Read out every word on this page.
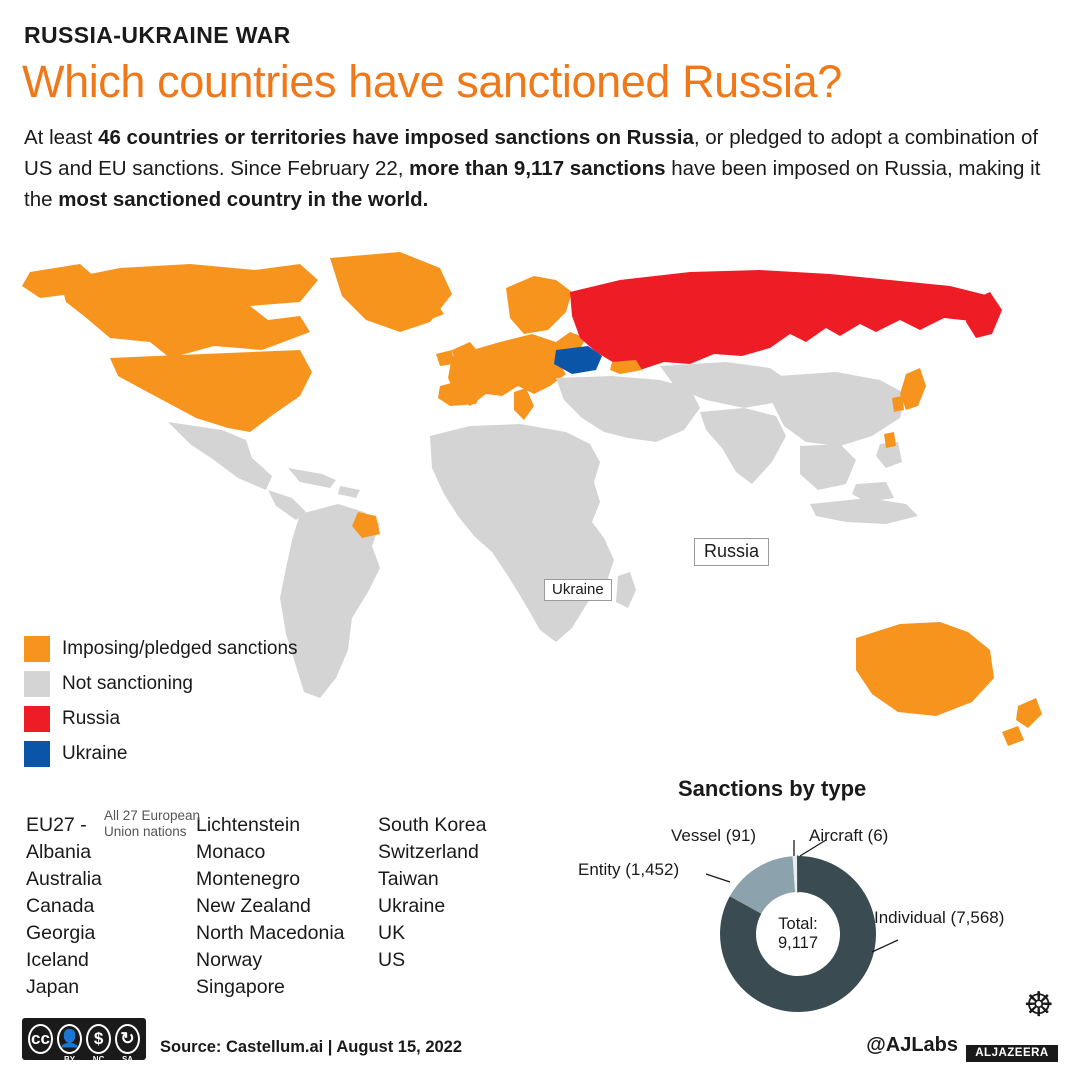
RUSSIA-UKRAINE WAR
Which countries have sanctioned Russia?
At least 46 countries or territories have imposed sanctions on Russia, or pledged to adopt a combination of US and EU sanctions. Since February 22, more than 9,117 sanctions have been imposed on Russia, making it the most sanctioned country in the world.
Russia
Ukraine
Imposing/pledged sanctions
Not sanctioning
Russia
Ukraine
EU27 - All 27 European Union nations
Albania
Australia
Canada
Georgia
Iceland
Japan
Lichtenstein
Monaco
Montenegro
New Zealand
North Macedonia
Norway
Singapore
South Korea
Switzerland
Taiwan
Ukraine
UK
US
Sanctions by type
Total:
9,117
Vessel (91)	Aircraft (6)
Entity (1,452)
Individual (7,568)
cc 👤
BY
$
NC
↻
SA
Source: Castellum.ai | August 15, 2022	@AJLabs
☸
ALJAZEERA
